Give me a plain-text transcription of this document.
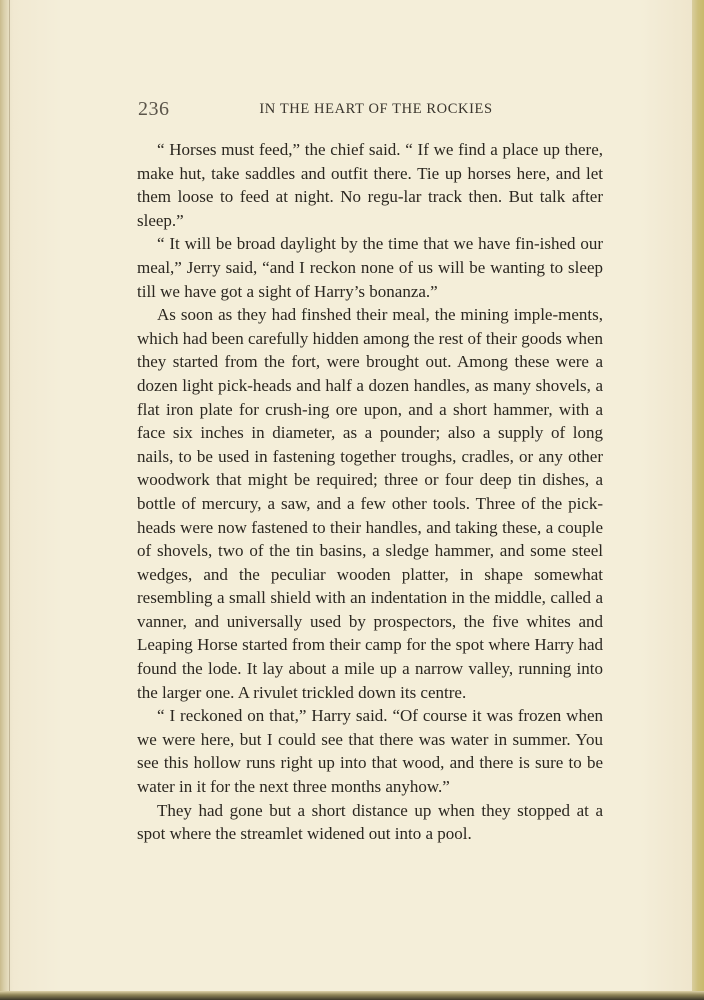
236	IN THE HEART OF THE ROCKIES

“ Horses must feed,” the chief said. “ If we find a place up there, make hut, take saddles and outfit there. Tie up horses here, and let them loose to feed at night. No regu-lar track then. But talk after sleep.”

“ It will be broad daylight by the time that we have fin-ished our meal,” Jerry said, “and I reckon none of us will be wanting to sleep till we have got a sight of Harry’s bonanza.”

As soon as they had finshed their meal, the mining imple-ments, which had been carefully hidden among the rest of their goods when they started from the fort, were brought out. Among these were a dozen light pick-heads and half a dozen handles, as many shovels, a flat iron plate for crush-ing ore upon, and a short hammer, with a face six inches in diameter, as a pounder; also a supply of long nails, to be used in fastening together troughs, cradles, or any other woodwork that might be required; three or four deep tin dishes, a bottle of mercury, a saw, and a few other tools. Three of the pick-heads were now fastened to their handles, and taking these, a couple of shovels, two of the tin basins, a sledge hammer, and some steel wedges, and the peculiar wooden platter, in shape somewhat resembling a small shield with an indentation in the middle, called a vanner, and universally used by prospectors, the five whites and Leaping Horse started from their camp for the spot where Harry had found the lode. It lay about a mile up a narrow valley, running into the larger one. A rivulet trickled down its centre.

“ I reckoned on that,” Harry said. “Of course it was frozen when we were here, but I could see that there was water in summer. You see this hollow runs right up into that wood, and there is sure to be water in it for the next three months anyhow.”

They had gone but a short distance up when they stopped at a spot where the streamlet widened out into a pool.
